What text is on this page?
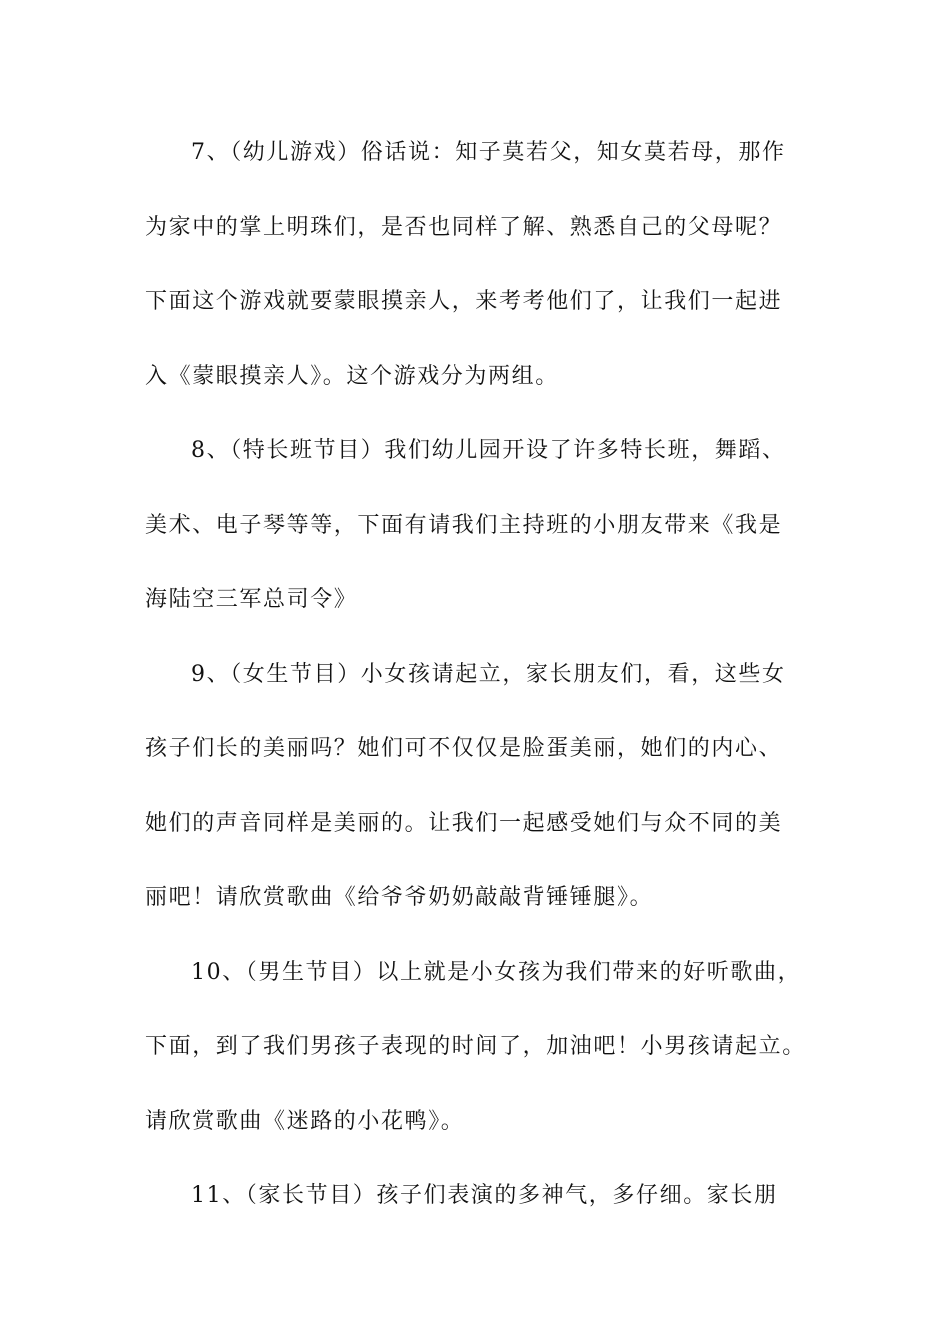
7、（幼儿游戏）俗话说：知子莫若父，知女莫若母，那作
为家中的掌上明珠们，是否也同样了解、熟悉自己的父母呢？
下面这个游戏就要蒙眼摸亲人，来考考他们了，让我们一起进
入《蒙眼摸亲人》。这个游戏分为两组。
8、（特长班节目）我们幼儿园开设了许多特长班，舞蹈、
美术、电子琴等等，下面有请我们主持班的小朋友带来《我是
海陆空三军总司令》
9、（女生节目）小女孩请起立，家长朋友们，看，这些女
孩子们长的美丽吗？她们可不仅仅是脸蛋美丽，她们的内心、
她们的声音同样是美丽的。让我们一起感受她们与众不同的美
丽吧！请欣赏歌曲《给爷爷奶奶敲敲背锤锤腿》。
10、（男生节目）以上就是小女孩为我们带来的好听歌曲，
下面，到了我们男孩子表现的时间了，加油吧！小男孩请起立。
请欣赏歌曲《迷路的小花鸭》。
11、（家长节目）孩子们表演的多神气，多仔细。家长朋
